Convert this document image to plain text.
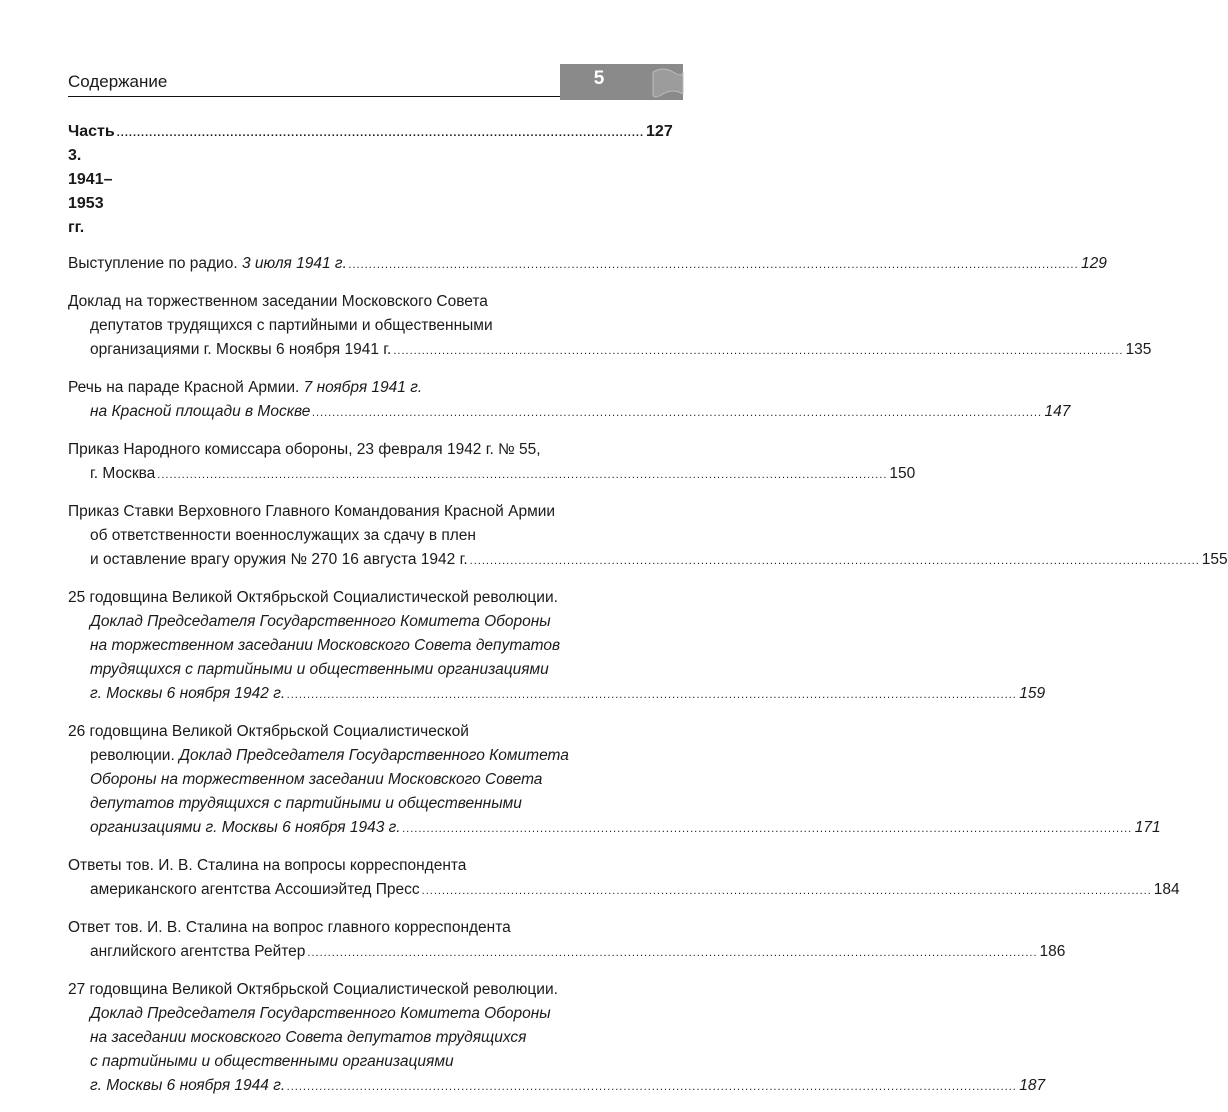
Содержание	5
Часть 3. 1941–1953 гг.
.................................................................................................................................. 127
Выступление по радио. 3 июля 1941 г. .................................................................................................................................................................................... 129
Доклад на торжественном заседании Московского Совета
депутатов трудящихся с партийными и общественными
организациями г. Москвы 6 ноября 1941 г. .................................................................................................................................................................................... 135
Речь на параде Красной Армии. 7 ноября 1941 г.
на Красной площади в Москве .................................................................................................................................................................................... 147
Приказ Народного комиссара обороны, 23 февраля 1942 г. № 55,
г. Москва .................................................................................................................................................................................... 150
Приказ Ставки Верховного Главного Командования Красной Армии
об ответственности военнослужащих за сдачу в плен
и оставление врагу оружия № 270 16 августа 1942 г. .................................................................................................................................................................................... 155
25 годовщина Великой Октябрьской Социалистической революции.
Доклад Председателя Государственного Комитета Обороны
на торжественном заседании Московского Совета депутатов
трудящихся с партийными и общественными организациями
г. Москвы 6 ноября 1942 г. .................................................................................................................................................................................... 159
26 годовщина Великой Октябрьской Социалистической
революции. Доклад Председателя Государственного Комитета
Обороны на торжественном заседании Московского Совета
депутатов трудящихся с партийными и общественными
организациями г. Москвы 6 ноября 1943 г. .................................................................................................................................................................................... 171
Ответы тов. И. В. Сталина на вопросы корреспондента
американского агентства Ассошиэйтед Пресс .................................................................................................................................................................................... 184
Ответ тов. И. В. Сталина на вопрос главного корреспондента
английского агентства Рейтер .................................................................................................................................................................................... 186
27 годовщина Великой Октябрьской Социалистической революции.
Доклад Председателя Государственного Комитета Обороны
на заседании московского Совета депутатов трудящихся
с партийными и общественными организациями
г. Москвы 6 ноября 1944 г. .................................................................................................................................................................................... 187
